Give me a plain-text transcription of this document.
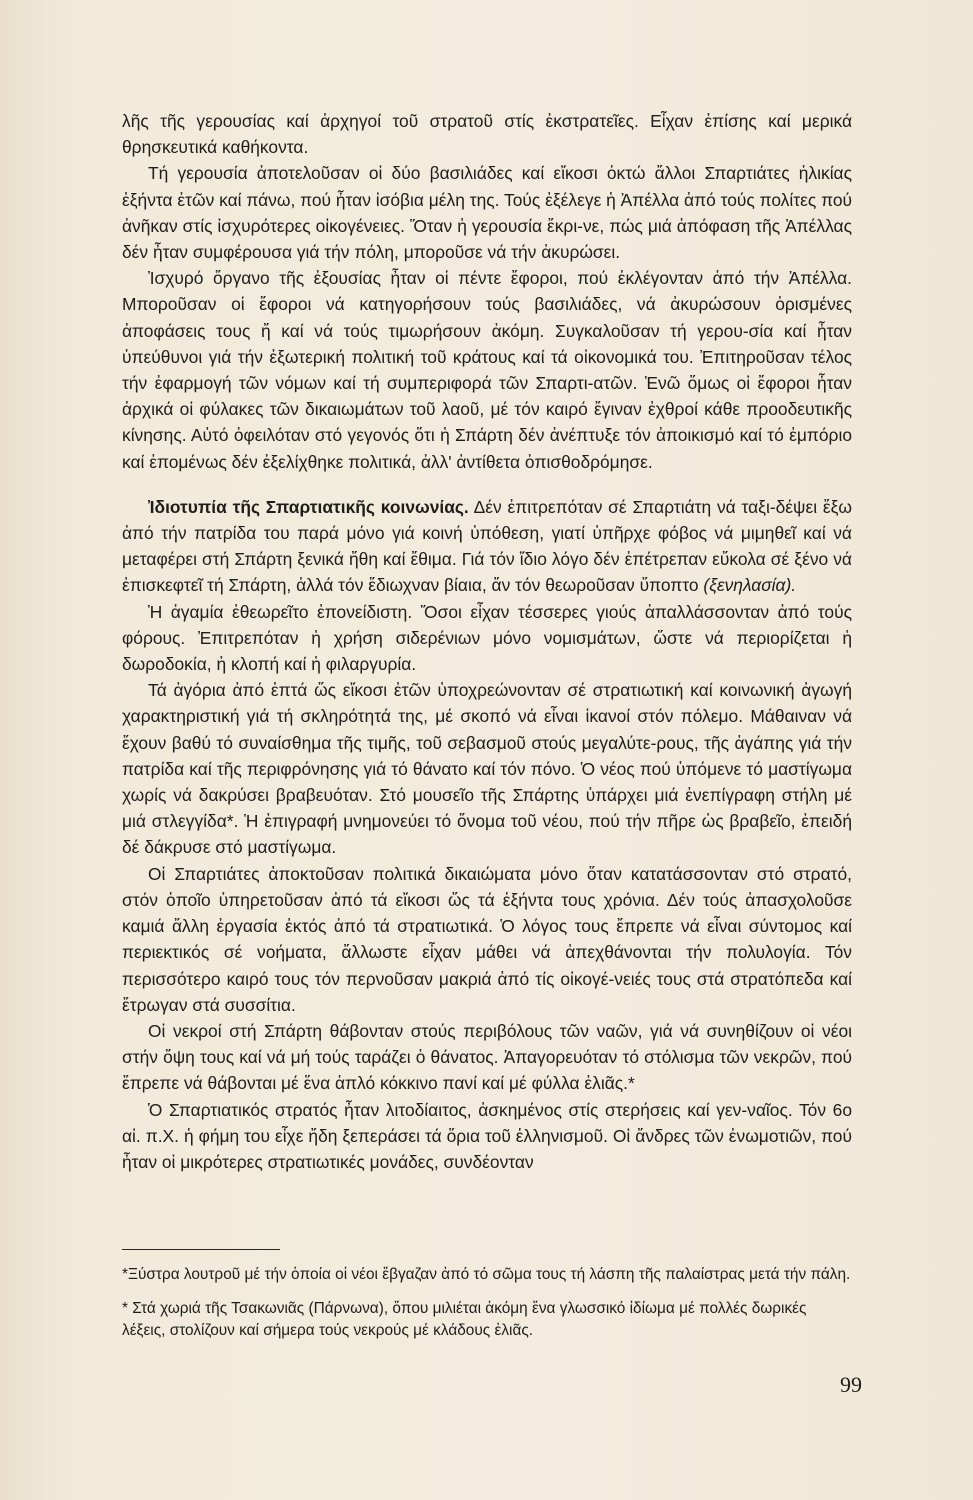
λῆς τῆς γερουσίας καί ἀρχηγοί τοῦ στρατοῦ στίς ἐκστρατεῖες. Εἶχαν ἐπίσης καί μερικά θρησκευτικά καθήκοντα.

Τή γερουσία ἀποτελοῦσαν οἱ δύο βασιλιάδες καί εἴκοσι ὀκτώ ἄλλοι Σπαρτιάτες ἡλικίας ἑξήντα ἐτῶν καί πάνω, πού ἦταν ἰσόβια μέλη της. Τούς ἐξέλεγε ἡ Ἀπέλλα ἀπό τούς πολίτες πού ἀνῆκαν στίς ἰσχυρότερες οἰκογένειες. Ὅταν ἡ γερουσία ἔκρι-νε, πώς μιά ἀπόφαση τῆς Ἀπέλλας δέν ἦταν συμφέρουσα γιά τήν πόλη, μποροῦσε νά τήν ἀκυρώσει.

Ἰσχυρό ὄργανο τῆς ἐξουσίας ἦταν οἱ πέντε ἔφοροι, πού ἐκλέγονταν ἀπό τήν Ἀπέλλα. Μποροῦσαν οἱ ἔφοροι νά κατηγορήσουν τούς βασιλιάδες, νά ἀκυρώσουν ὁρισμένες ἀποφάσεις τους ἤ καί νά τούς τιμωρήσουν ἀκόμη. Συγκαλοῦσαν τή γερου-σία καί ἦταν ὑπεύθυνοι γιά τήν ἐξωτερική πολιτική τοῦ κράτους καί τά οἰκονομικά του. Ἐπιτηροῦσαν τέλος τήν ἐφαρμογή τῶν νόμων καί τή συμπεριφορά τῶν Σπαρτι-ατῶν. Ἐνῶ ὅμως οἱ ἔφοροι ἦταν ἀρχικά οἱ φύλακες τῶν δικαιωμάτων τοῦ λαοῦ, μέ τόν καιρό ἔγιναν ἐχθροί κάθε προοδευτικῆς κίνησης. Αὐτό ὀφειλόταν στό γεγονός ὅτι ἡ Σπάρτη δέν ἀνέπτυξε τόν ἀποικισμό καί τό ἐμπόριο καί ἐπομένως δέν ἐξελίχθηκε πολιτικά, ἀλλ' ἀντίθετα ὀπισθοδρόμησε.

Ἰδιοτυπία τῆς Σπαρτιατικῆς κοινωνίας. Δέν ἐπιτρεπόταν σέ Σπαρτιάτη νά ταξι-δέψει ἔξω ἀπό τήν πατρίδα του παρά μόνο γιά κοινή ὑπόθεση, γιατί ὑπῆρχε φόβος νά μιμηθεῖ καί νά μεταφέρει στή Σπάρτη ξενικά ἤθη καί ἔθιμα. Γιά τόν ἴδιο λόγο δέν ἐπέτρεπαν εὔκολα σέ ξένο νά ἐπισκεφτεῖ τή Σπάρτη, ἀλλά τόν ἔδιωχναν βίαια, ἄν τόν θεωροῦσαν ὕποπτο (ξενηλασία).

Ἡ ἀγαμία ἐθεωρεῖτο ἐπονείδιστη. Ὅσοι εἶχαν τέσσερες γιούς ἀπαλλάσσονταν ἀπό τούς φόρους. Ἐπιτρεπόταν ἡ χρήση σιδερένιων μόνο νομισμάτων, ὥστε νά περιορίζεται ἡ δωροδοκία, ἡ κλοπή καί ἡ φιλαργυρία.

Τά ἀγόρια ἀπό ἑπτά ὥς εἴκοσι ἐτῶν ὑποχρεώνονταν σέ στρατιωτική καί κοινωνική ἀγωγή χαρακτηριστική γιά τή σκληρότητά της, μέ σκοπό νά εἶναι ἱκανοί στόν πόλεμο. Μάθαιναν νά ἔχουν βαθύ τό συναίσθημα τῆς τιμῆς, τοῦ σεβασμοῦ στούς μεγαλύτε-ρους, τῆς ἀγάπης γιά τήν πατρίδα καί τῆς περιφρόνησης γιά τό θάνατο καί τόν πόνο. Ὁ νέος πού ὑπόμενε τό μαστίγωμα χωρίς νά δακρύσει βραβευόταν. Στό μουσεῖο τῆς Σπάρτης ὑπάρχει μιά ἐνεπίγραφη στήλη μέ μιά στλεγγίδα*. Ἡ ἐπιγραφή μνημονεύει τό ὄνομα τοῦ νέου, πού τήν πῆρε ὡς βραβεῖο, ἐπειδή δέ δάκρυσε στό μαστίγωμα.

Οἱ Σπαρτιάτες ἀποκτοῦσαν πολιτικά δικαιώματα μόνο ὅταν κατατάσσονταν στό στρατό, στόν ὁποῖο ὑπηρετοῦσαν ἀπό τά εἴκοσι ὥς τά ἑξήντα τους χρόνια. Δέν τούς ἀπασχολοῦσε καμιά ἄλλη ἐργασία ἐκτός ἀπό τά στρατιωτικά. Ὁ λόγος τους ἔπρεπε νά εἶναι σύντομος καί περιεκτικός σέ νοήματα, ἄλλωστε εἶχαν μάθει νά ἀπεχθάνονται τήν πολυλογία. Τόν περισσότερο καιρό τους τόν περνοῦσαν μακριά ἀπό τίς οἰκογέ-νειές τους στά στρατόπεδα καί ἔτρωγαν στά συσσίτια.

Οἱ νεκροί στή Σπάρτη θάβονταν στούς περιβόλους τῶν ναῶν, γιά νά συνηθίζουν οἱ νέοι στήν ὄψη τους καί νά μή τούς ταράζει ὁ θάνατος. Ἀπαγορευόταν τό στόλισμα τῶν νεκρῶν, πού ἔπρεπε νά θάβονται μέ ἕνα ἁπλό κόκκινο πανί καί μέ φύλλα ἐλιᾶς.*

Ὁ Σπαρτιατικός στρατός ἦταν λιτοδίαιτος, ἀσκημένος στίς στερήσεις καί γεν-ναῖος. Τόν 6ο αἰ. π.Χ. ἡ φήμη του εἶχε ἤδη ξεπεράσει τά ὅρια τοῦ ἑλληνισμοῦ. Οἱ ἄνδρες τῶν ἐνωμοτιῶν, πού ἦταν οἱ μικρότερες στρατιωτικές μονάδες, συνδέονταν

*Ξύστρα λουτροῦ μέ τήν ὁποία οἱ νέοι ἔβγαζαν ἀπό τό σῶμα τους τή λάσπη τῆς παλαίστρας μετά τήν πάλη.

* Στά χωριά τῆς Τσακωνιᾶς (Πάρνωνα), ὅπου μιλιέται ἀκόμη ἕνα γλωσσικό ἰδίωμα μέ πολλές δωρικές λέξεις, στολίζουν καί σήμερα τούς νεκρούς μέ κλάδους ἐλιᾶς.

99
